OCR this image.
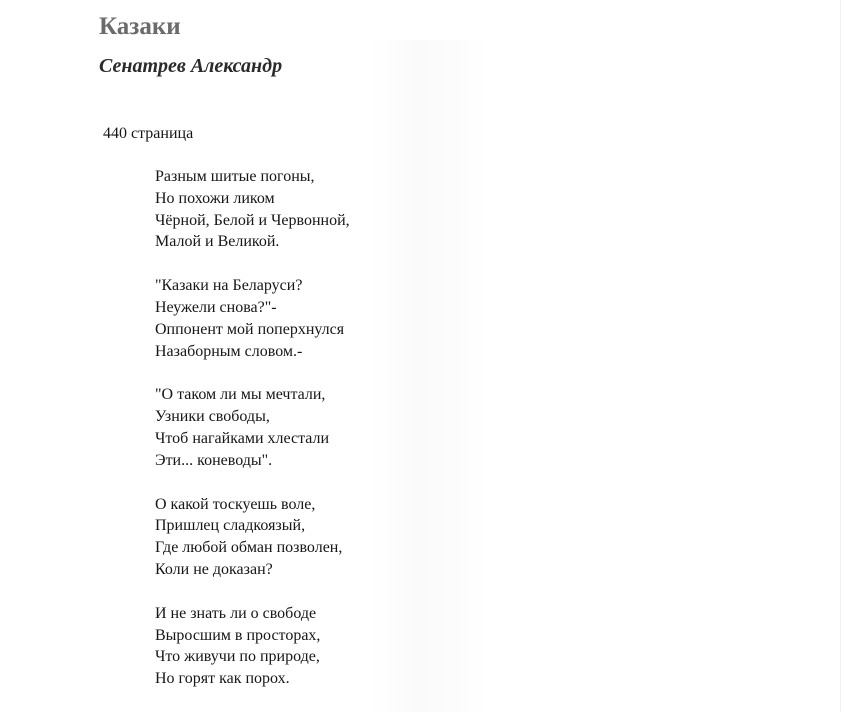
Казаки
Сенатрев Александр

440 страница

Разным шитые погоны,
Но похожи ликом
Чёрной, Белой и Червонной,
Малой и Великой.
"Казаки на Беларуси?
Неужели снова?"-
Оппонент мой поперхнулся
Назаборным словом.-
"О таком ли мы мечтали,
Узники свободы,
Чтоб нагайками хлестали
Эти... коневоды".
О какой тоскуешь воле,
Пришлец сладкоязый,
Где любой обман позволен,
Коли не доказан?
И не знать ли о свободе
Выросшим в просторах,
Что живучи по природе,
Но горят как порох.
